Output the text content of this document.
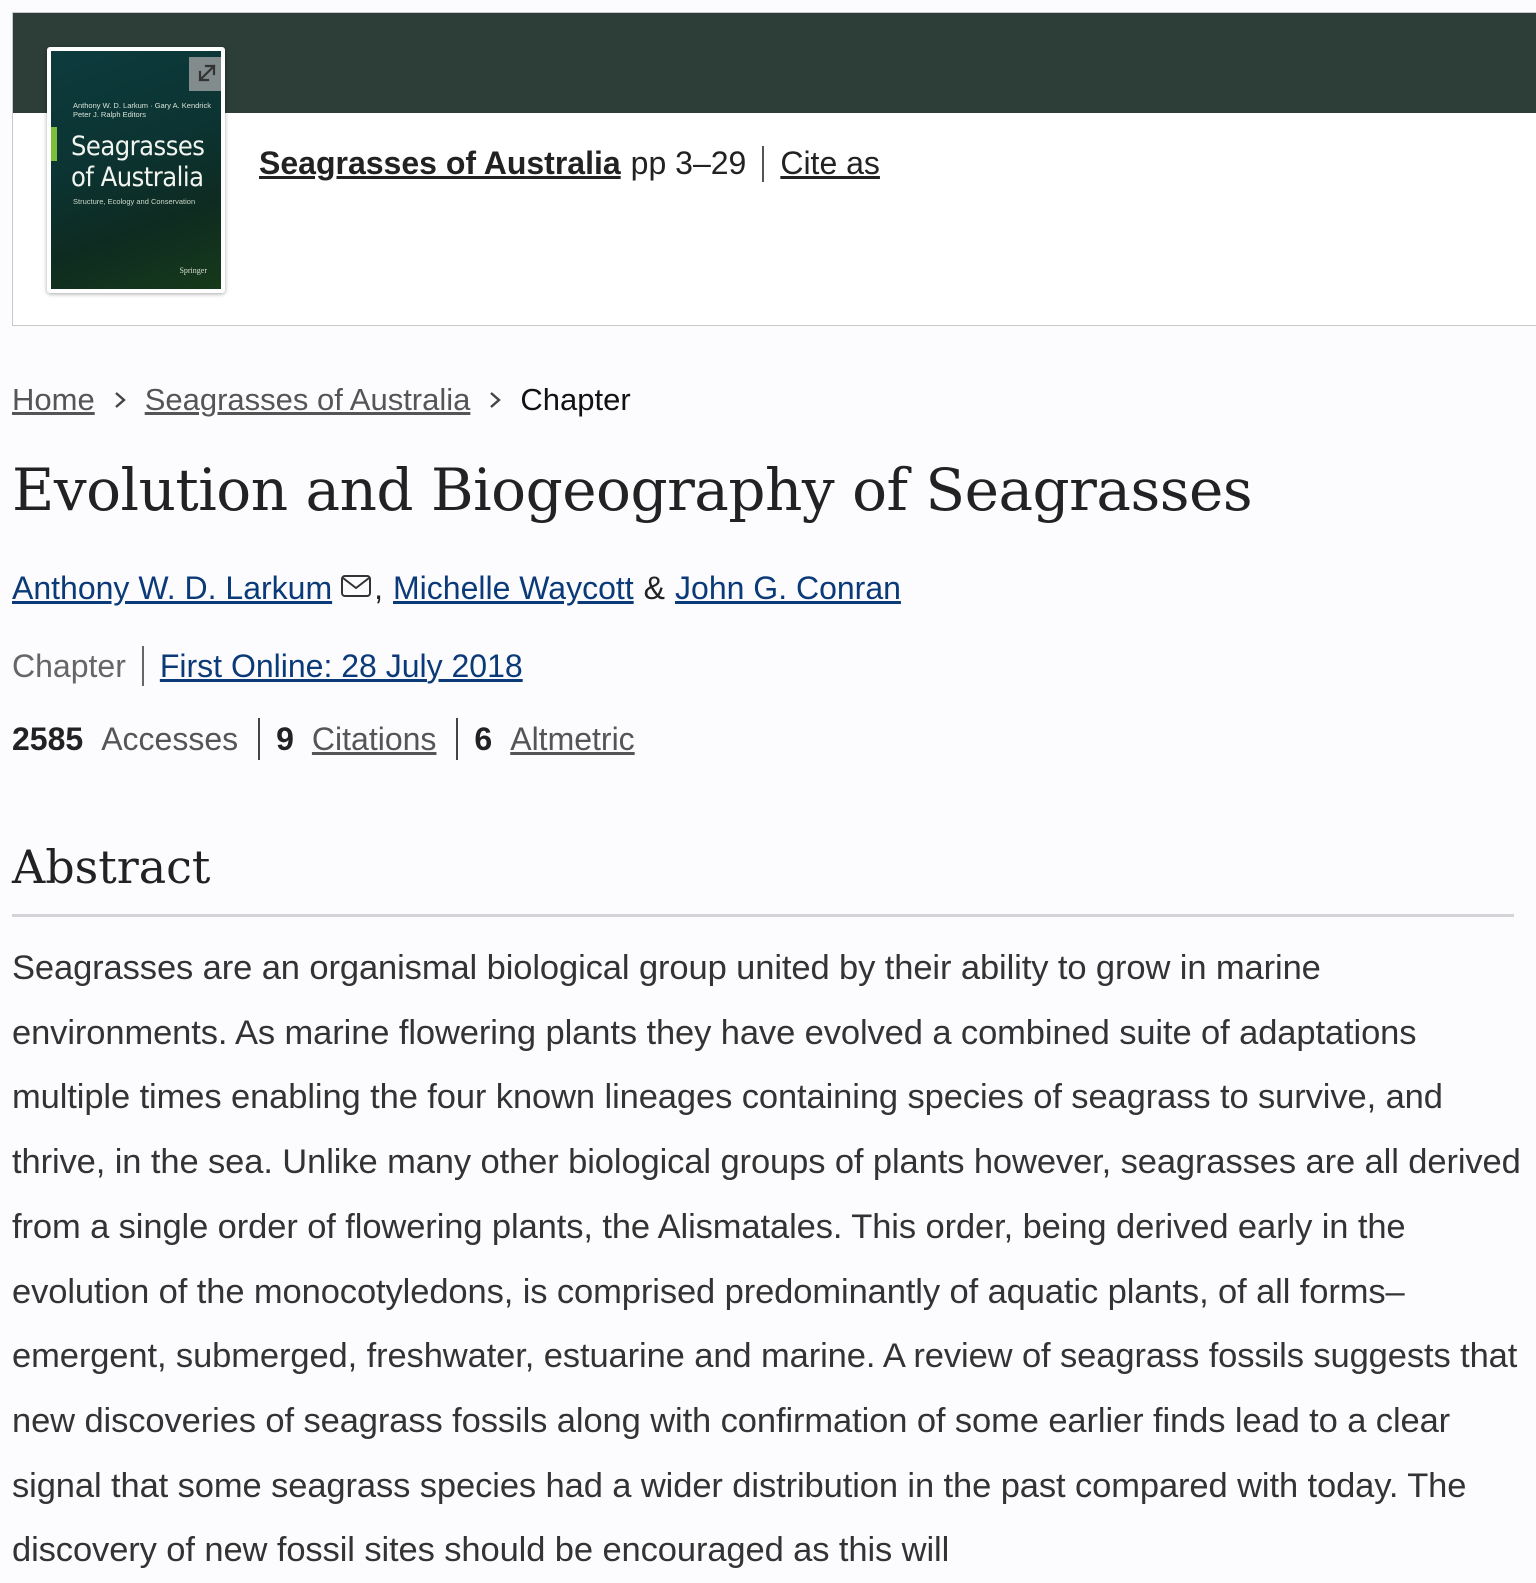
Anthony W. D. Larkum · Gary A. Kendrick
Peter J. Ralph Editors
Seagrasses
of Australia
Structure, Ecology and Conservation
Springer
Seagrasses of Australia pp 3–29 Cite as
Home Seagrasses of Australia Chapter
Evolution and Biogeography of Seagrasses
Anthony W. D. Larkum , Michelle Waycott & John G. Conran
Chapter First Online: 28 July 2018
2585 Accesses 9 Citations 6 Altmetric
Abstract

Seagrasses are an organismal biological group united by their ability to grow in marine environments. As marine flowering plants they have evolved a combined suite of adaptations multiple times enabling the four known lineages containing species of seagrass to survive, and thrive, in the sea. Unlike many other biological groups of plants however, seagrasses are all derived from a single order of flowering plants, the Alismatales. This order, being derived early in the evolution of the monocotyledons, is comprised predominantly of aquatic plants, of all forms–emergent, submerged, freshwater, estuarine and marine. A review of seagrass fossils suggests that new discoveries of seagrass fossils along with confirmation of some earlier finds lead to a clear signal that some seagrass species had a wider distribution in the past compared with today. The discovery of new fossil sites should be encouraged as this will
